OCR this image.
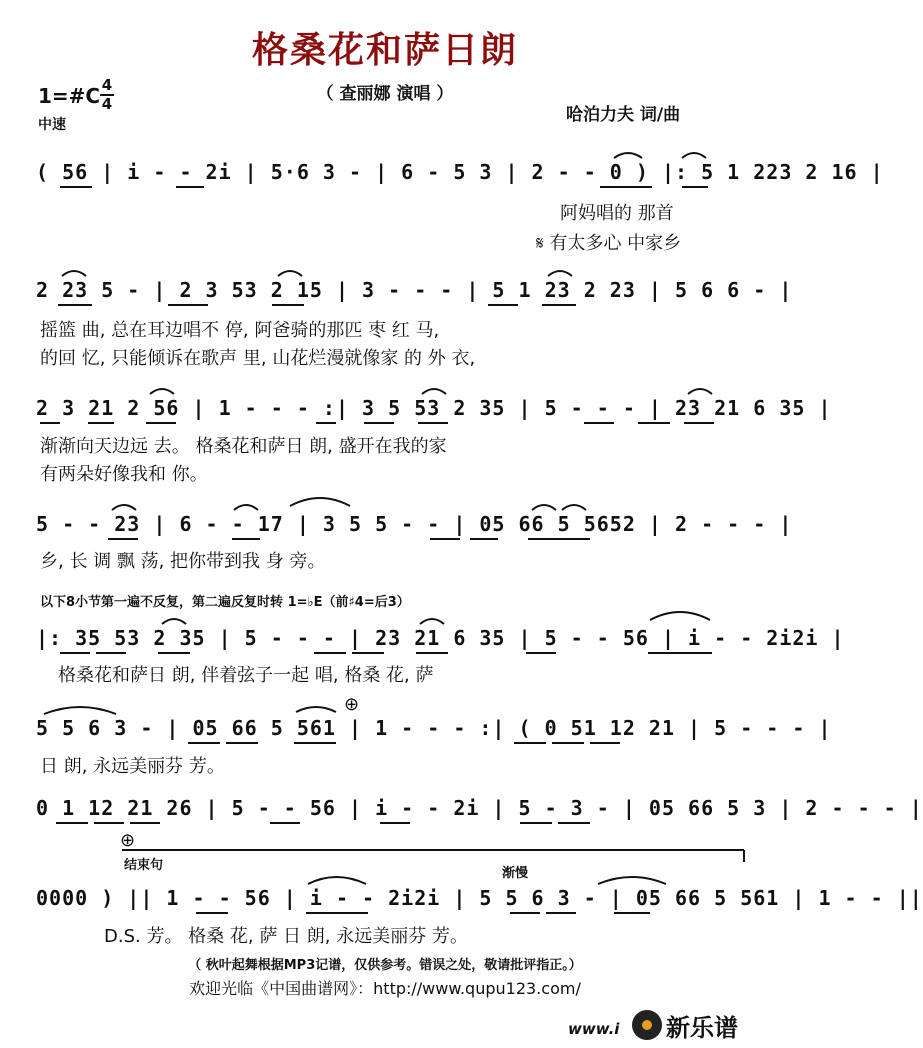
格桑花和萨日朗
（ 查丽娜 演唱 ）
1=#C 4
4
中速	哈泊力夫 词/曲
( 56 | i - - 2i | 5·6 3 - | 6 - 5 3 | 2 - - 0 ) |: 5 1 223 2 16 |
阿妈唱的 那首
𝄋 有太多心 中家乡
2 23 5 - | 2 3 53 2 15 | 3 - - - | 5 1 23 2 23 | 5 6 6 - |
摇篮 曲, 总在耳边唱不 停, 阿爸骑的那匹 枣 红 马,
的回 忆, 只能倾诉在歌声 里, 山花烂漫就像家 的 外 衣,
2 3 21 2 56 | 1 - - - :| 3 5 53 2 35 | 5 - - - | 23 21 6 35 |
渐渐向天边远 去。 格桑花和萨日 朗, 盛开在我的家
有两朵好像我和 你。
5 - - 23 | 6 - - 17 | 3 5 5 - - | 05 66 5 5652 | 2 - - - |
乡, 长 调 飘 荡, 把你带到我 身 旁。
以下8小节第一遍不反复，第二遍反复时转 1=♭E（前♯4=后3）
|: 35 53 2 35 | 5 - - - | 23 21 6 35 | 5 - - 56 | i - - 2i2i |
格桑花和萨日 朗, 伴着弦子一起 唱, 格桑 花, 萨
5 5 6 3 - | 05 66 5 561 | 1 - - - :| ( 0 51 12 21 | 5 - - - |
日 朗, 永远美丽芬 芳。
0 1 12 21 26 | 5 - - 56 | i - - 2i | 5 - 3 - | 05 66 5 3 | 2 - - - |
⊕
结束句
渐慢
⊕
0000 ) || 1 - - 56 | i - - 2i2i | 5 5 6 3 - | 05 66 5 561 | 1 - - ||
D.S. 芳。 格桑 花, 萨 日 朗, 永远美丽芬 芳。
（ 秋叶起舞根据MP3记谱，仅供参考。错误之处，敬请批评指正。）
欢迎光临《中国曲谱网》：http://www.qupu123.com/
www.i 新乐谱
